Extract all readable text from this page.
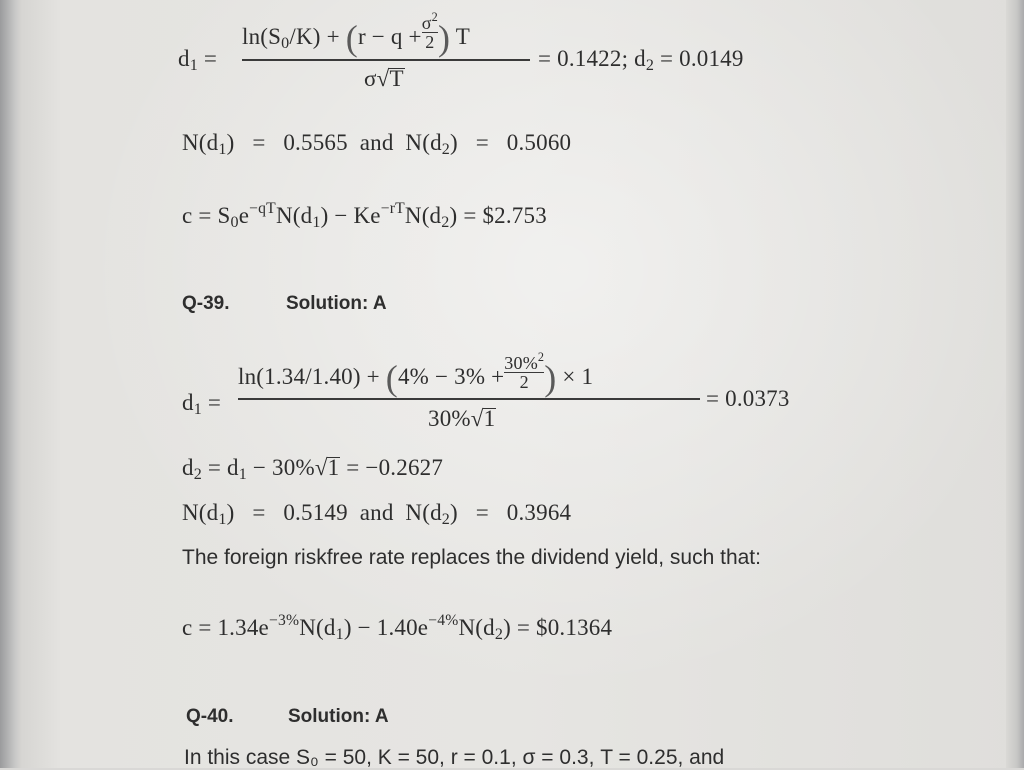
$d_1$ =
$\ln(S_0/K) + (r - q + \frac{\sigma^2}{2}$ ) T
σ√T
= 0.1422; $d_2 = 0.0149$
$N(d_1) = 0.5565$  and  $N(d_2) = 0.5060$
$c = S_0e^{-qT}N(d_1) - Ke^{-rT}N(d_2)$ = $2.753
Q-39.	Solution: A
$d_1$ =
$\ln(1.34/1.40) + (4\% - 3\% + \frac{30\%^2}{2}$ ) × 1
30%√1
= 0.0373
$d_2 = d_1 - 30\%√1 = -0.2627$
$N(d_1) = 0.5149$  and  $N(d_2) = 0.3964$
The foreign riskfree rate replaces the dividend yield, such that:
$c = 1.34e^{-3\%}N(d_1) - 1.40e^{-4\%}N(d_2)$ = $0.1364
Q-40.	Solution: A
In this case S₀ = 50, K = 50, r = 0.1, σ = 0.3, T = 0.25, and
